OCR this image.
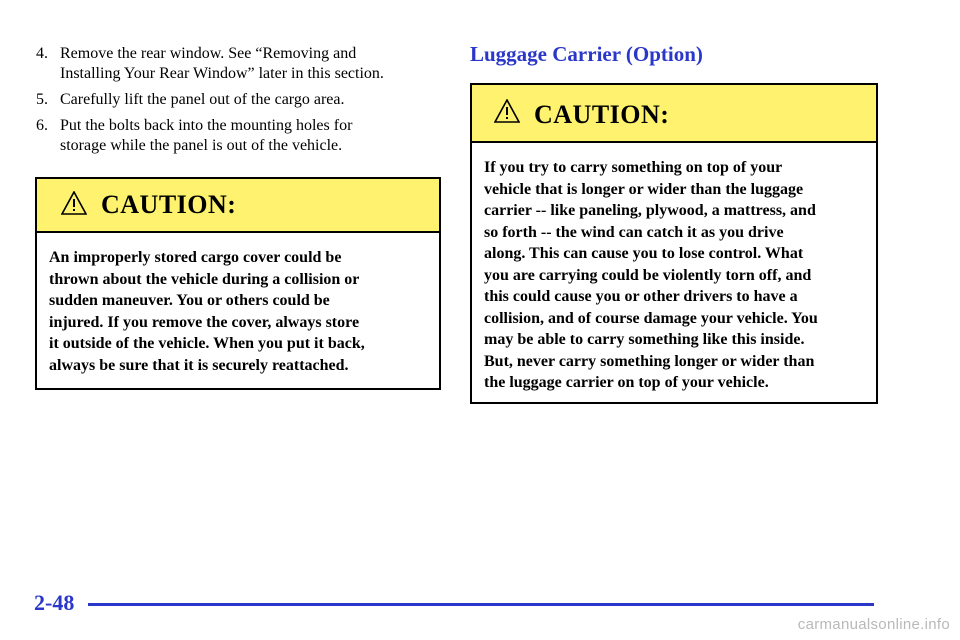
4. Remove the rear window. See “Removing and
Installing Your Rear Window” later in this section.
5. Carefully lift the panel out of the cargo area.
6. Put the bolts back into the mounting holes for
storage while the panel is out of the vehicle.
CAUTION:
An improperly stored cargo cover could be
thrown about the vehicle during a collision or
sudden maneuver. You or others could be
injured. If you remove the cover, always store
it outside of the vehicle. When you put it back,
always be sure that it is securely reattached.
Luggage Carrier (Option)
CAUTION:
If you try to carry something on top of your
vehicle that is longer or wider than the luggage
carrier -- like paneling, plywood, a mattress, and
so forth -- the wind can catch it as you drive
along. This can cause you to lose control. What
you are carrying could be violently torn off, and
this could cause you or other drivers to have a
collision, and of course damage your vehicle. You
may be able to carry something like this inside.
But, never carry something longer or wider than
the luggage carrier on top of your vehicle.
2-48
carmanualsonline.info
